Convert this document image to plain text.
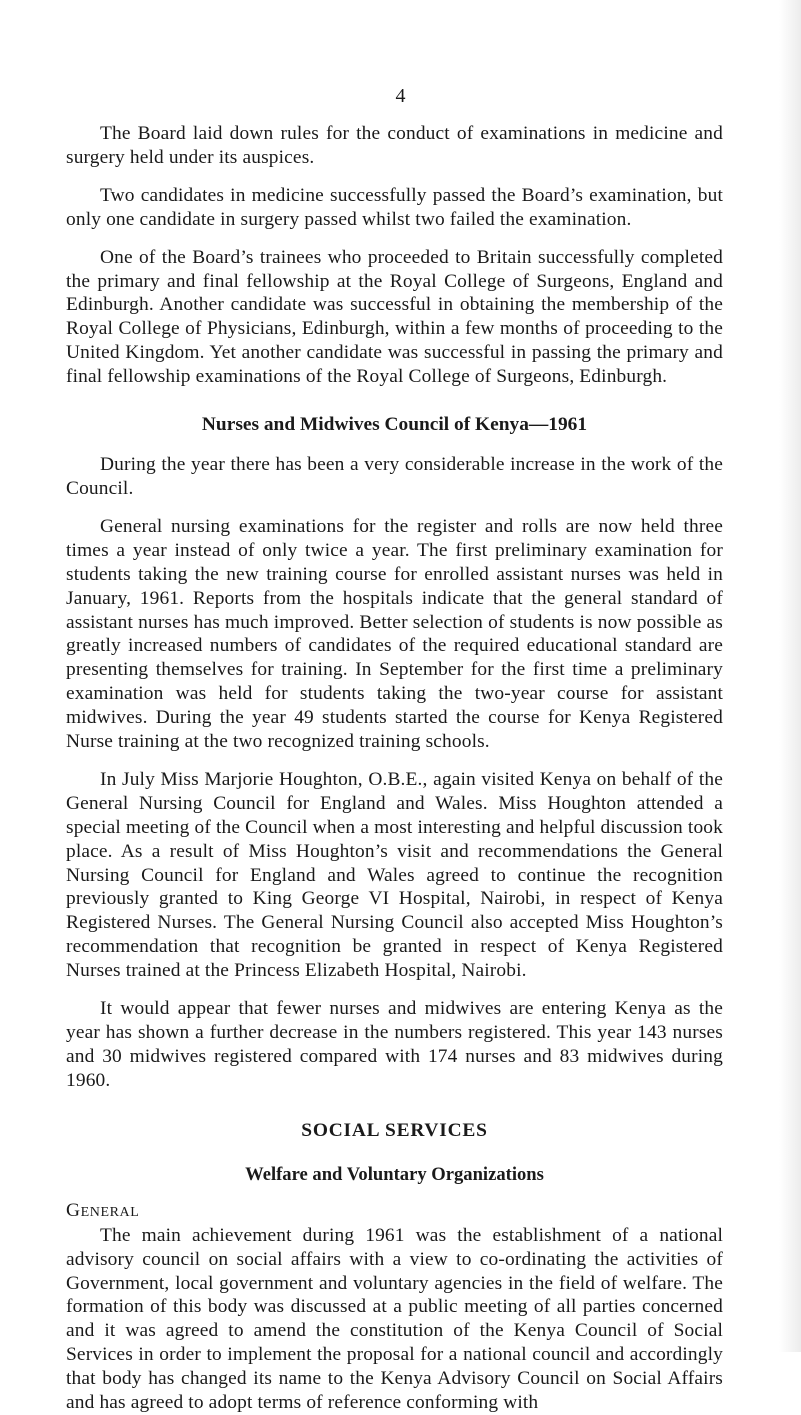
4

The Board laid down rules for the conduct of examinations in medicine and surgery held under its auspices.

Two candidates in medicine successfully passed the Board’s examination, but only one candidate in surgery passed whilst two failed the examination.

One of the Board’s trainees who proceeded to Britain successfully completed the primary and final fellowship at the Royal College of Surgeons, England and Edinburgh. Another candidate was successful in obtaining the membership of the Royal College of Physicians, Edinburgh, within a few months of proceeding to the United Kingdom. Yet another candidate was successful in passing the primary and final fellowship examinations of the Royal College of Surgeons, Edinburgh.

Nurses and Midwives Council of Kenya—1961

During the year there has been a very considerable increase in the work of the Council.

General nursing examinations for the register and rolls are now held three times a year instead of only twice a year. The first preliminary examination for students taking the new training course for enrolled assistant nurses was held in January, 1961. Reports from the hospitals indicate that the general standard of assistant nurses has much improved. Better selection of students is now possible as greatly increased numbers of candidates of the required educational standard are presenting themselves for training. In September for the first time a preliminary examination was held for students taking the two-year course for assistant midwives. During the year 49 students started the course for Kenya Registered Nurse training at the two recognized training schools.

In July Miss Marjorie Houghton, O.B.E., again visited Kenya on behalf of the General Nursing Council for England and Wales. Miss Houghton attended a special meeting of the Council when a most interesting and helpful discussion took place. As a result of Miss Houghton’s visit and recommendations the General Nursing Council for England and Wales agreed to continue the recognition previously granted to King George VI Hospital, Nairobi, in respect of Kenya Registered Nurses. The General Nursing Council also accepted Miss Houghton’s recommendation that recognition be granted in respect of Kenya Registered Nurses trained at the Princess Elizabeth Hospital, Nairobi.

It would appear that fewer nurses and midwives are entering Kenya as the year has shown a further decrease in the numbers registered. This year 143 nurses and 30 midwives registered compared with 174 nurses and 83 midwives during 1960.

SOCIAL SERVICES
Welfare and Voluntary Organizations
General

The main achievement during 1961 was the establishment of a national advisory council on social affairs with a view to co-ordinating the activities of Government, local government and voluntary agencies in the field of welfare. The formation of this body was discussed at a public meeting of all parties concerned and it was agreed to amend the constitution of the Kenya Council of Social Services in order to implement the proposal for a national council and accordingly that body has changed its name to the Kenya Advisory Council on Social Affairs and has agreed to adopt terms of reference conforming with
